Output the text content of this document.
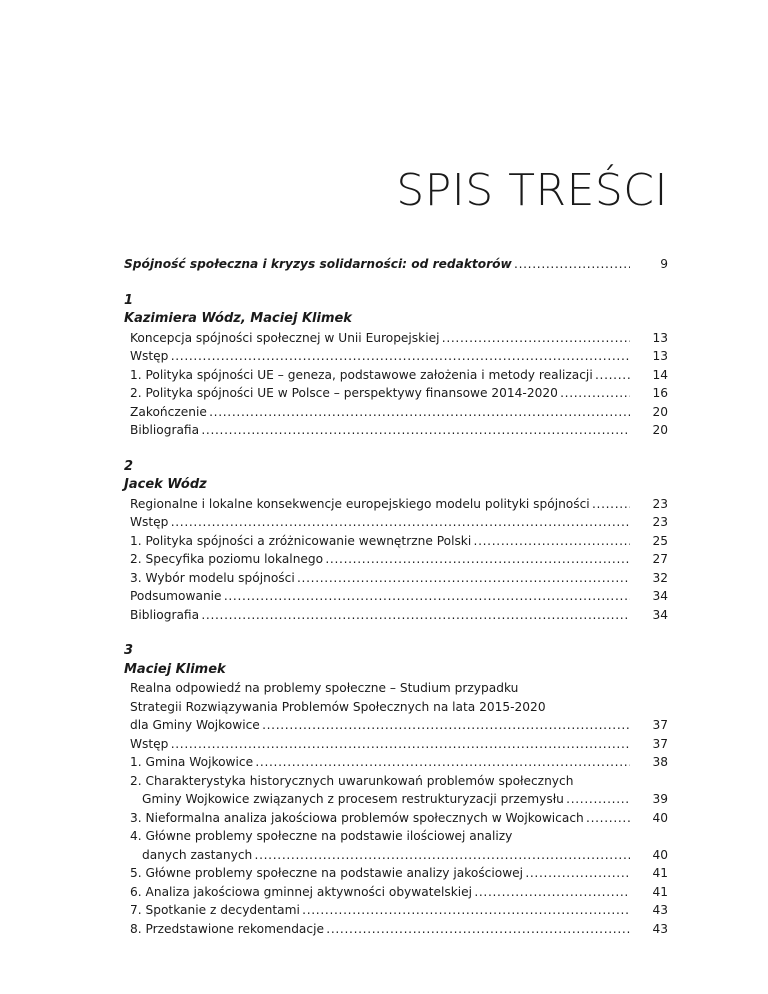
SPIS TREŚCI
Spójność społeczna i kryzys solidarności: od redaktorów . . .	9
1
Kazimiera Wódz, Maciej Klimek
Koncepcja spójności społecznej w Unii Europejskiej . . .	13
Wstęp . . .	13
1. Polityka spójności UE – geneza, podstawowe założenia i metody realizacji . . .	14
2. Polityka spójności UE w Polsce – perspektywy finansowe 2014-2020 . . .	16
Zakończenie . . .	20
Bibliografia . . .	20
2
Jacek Wódz
Regionalne i lokalne konsekwencje europejskiego modelu polityki spójności . . .	23
Wstęp . . .	23
1. Polityka spójności a zróżnicowanie wewnętrzne Polski . . .	25
2. Specyfika poziomu lokalnego . . .	27
3. Wybór modelu spójności . . .	32
Podsumowanie . . .	34
Bibliografia . . .	34
3
Maciej Klimek
Realna odpowiedź na problemy społeczne – Studium przypadku
Strategii Rozwiązywania Problemów Społecznych na lata 2015-2020
dla Gminy Wojkowice . . .	37
Wstęp . . .	37
1. Gmina Wojkowice . . .	38
2. Charakterystyka historycznych uwarunkowań problemów społecznych
Gminy Wojkowice związanych z procesem restrukturyzacji przemysłu . . .	39
3. Nieformalna analiza jakościowa problemów społecznych w Wojkowicach . . .	40
4. Główne problemy społeczne na podstawie ilościowej analizy
danych zastanych . . .	40
5. Główne problemy społeczne na podstawie analizy jakościowej . . .	41
6. Analiza jakościowa gminnej aktywności obywatelskiej . . .	41
7. Spotkanie z decydentami . . .	43
8. Przedstawione rekomendacje . . .	43
